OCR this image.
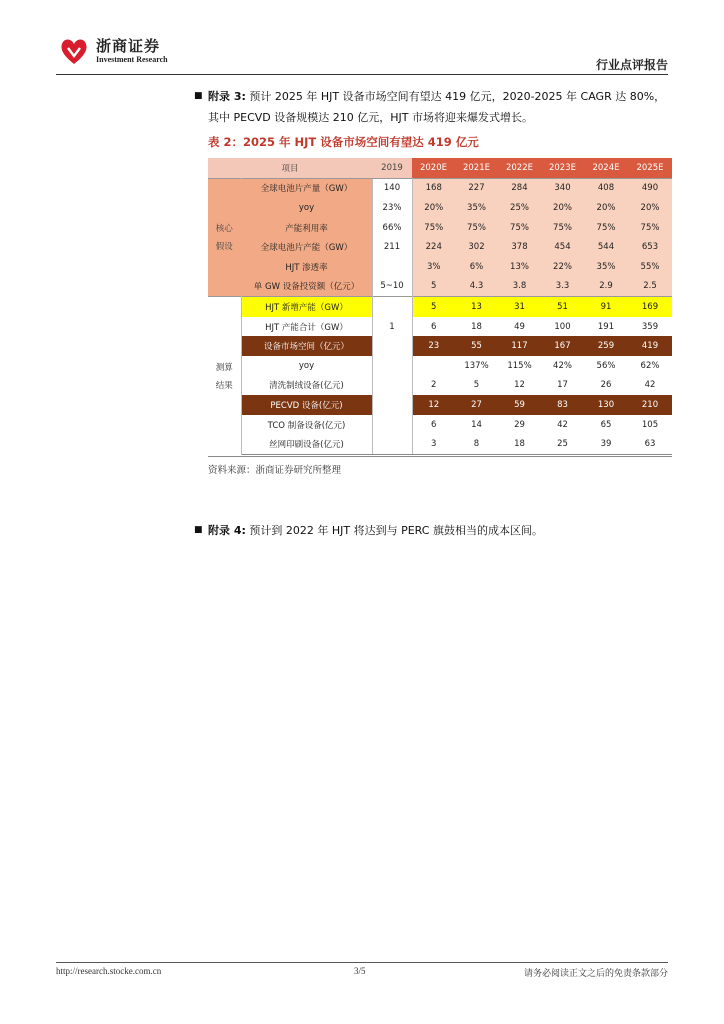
浙商证券
Investment Research	行业点评报告
■ 附录 3: 预计 2025 年 HJT 设备市场空间有望达 419 亿元，2020-2025 年 CAGR 达 80%，
其中 PECVD 设备规模达 210 亿元，HJT 市场将迎来爆发式增长。
表 2：2025 年 HJT 设备市场空间有望达 419 亿元
项目		2019	2020E	2021E	2022E	2023E	2024E	2025E

核心
假设	全球电池片产量（GW）	140	168	227	284	340	408	490
	yoy	23%	20%	35%	25%	20%	20%	20%
	产能利用率	66%	75%	75%	75%	75%	75%	75%
	全球电池片产能（GW）	211	224	302	378	454	544	653
	HJT 渗透率		3%	6%	13%	22%	35%	55%
	单 GW 设备投资额（亿元）	5~10	5	4.3	3.8	3.3	2.9	2.5

测算
结果	HJT 新增产能（GW）		5	13	31	51	91	169
	HJT 产能合计（GW）	1	6	18	49	100	191	359
	设备市场空间（亿元）		23	55	117	167	259	419
	yoy			137%	115%	42%	56%	62%
	清洗制绒设备(亿元)		2	5	12	17	26	42
	PECVD 设备(亿元)		12	27	59	83	130	210
	TCO 制备设备(亿元)		6	14	29	42	65	105
	丝网印刷设备(亿元)		3	8	18	25	39	63
资料来源：浙商证券研究所整理
■ 附录 4: 预计到 2022 年 HJT 将达到与 PERC 旗鼓相当的成本区间。
http://research.stocke.com.cn	3/5	请务必阅读正文之后的免责条款部分
